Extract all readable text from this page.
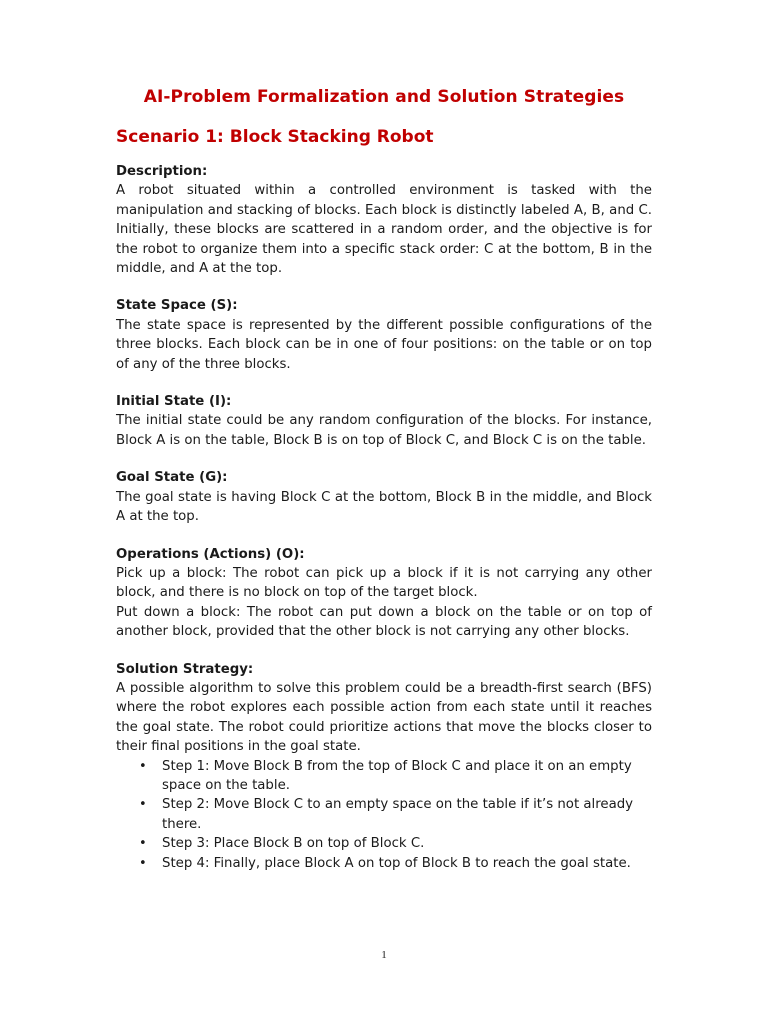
AI-Problem Formalization and Solution Strategies
Scenario 1: Block Stacking Robot

Description:

A robot situated within a controlled environment is tasked with the manipulation and stacking of blocks. Each block is distinctly labeled A, B, and C. Initially, these blocks are scattered in a random order, and the objective is for the robot to organize them into a specific stack order: C at the bottom, B in the middle, and A at the top.

State Space (S):

The state space is represented by the different possible configurations of the three blocks. Each block can be in one of four positions: on the table or on top of any of the three blocks.

Initial State (I):

The initial state could be any random configuration of the blocks. For instance, Block A is on the table, Block B is on top of Block C, and Block C is on the table.

Goal State (G):

The goal state is having Block C at the bottom, Block B in the middle, and Block A at the top.

Operations (Actions) (O):

Pick up a block: The robot can pick up a block if it is not carrying any other block, and there is no block on top of the target block.

Put down a block: The robot can put down a block on the table or on top of another block, provided that the other block is not carrying any other blocks.

Solution Strategy:

A possible algorithm to solve this problem could be a breadth-first search (BFS) where the robot explores each possible action from each state until it reaches the goal state. The robot could prioritize actions that move the blocks closer to their final positions in the goal state.

• Step 1: Move Block B from the top of Block C and place it on an empty space on the table.
• Step 2: Move Block C to an empty space on the table if it’s not already there.
• Step 3: Place Block B on top of Block C.
• Step 4: Finally, place Block A on top of Block B to reach the goal state.
1
